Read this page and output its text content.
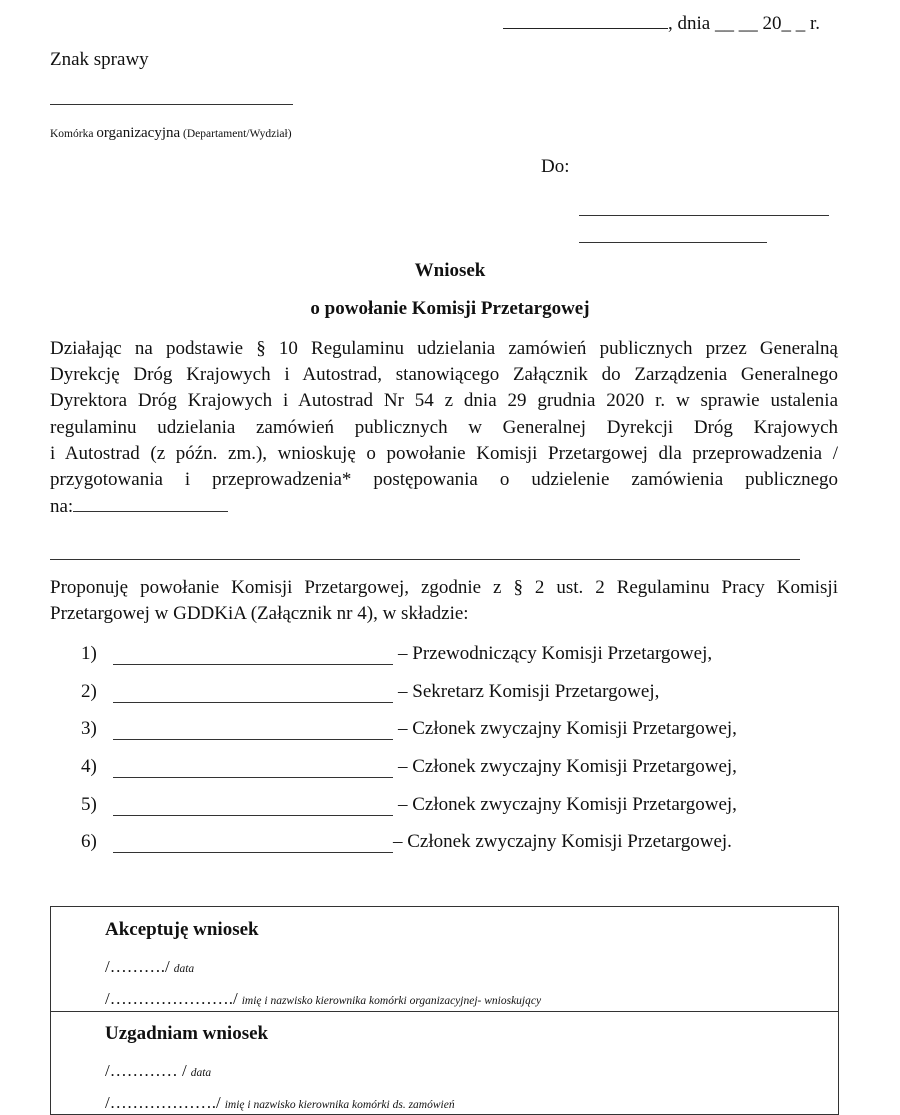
, dnia __ __ 20_ _ r.
Znak sprawy
Komórka organizacyjna (Departament/Wydział)
Do:
Wniosek
o powołanie Komisji Przetargowej
Działając na podstawie § 10 Regulaminu udzielania zamówień publicznych przez Generalną
Dyrekcję Dróg Krajowych i Autostrad, stanowiącego Załącznik do Zarządzenia Generalnego
Dyrektora Dróg Krajowych i Autostrad Nr 54 z dnia 29 grudnia 2020 r. w sprawie ustalenia
regulaminu udzielania zamówień publicznych w Generalnej Dyrekcji Dróg Krajowych
i Autostrad (z późn. zm.), wnioskuję o powołanie Komisji Przetargowej dla przeprowadzenia /
przygotowania i przeprowadzenia* postępowania o udzielenie zamówienia publicznego
na:
Proponuję powołanie Komisji Przetargowej, zgodnie z § 2 ust. 2 Regulaminu Pracy Komisji
Przetargowej w GDDKiA (Załącznik nr 4), w składzie:
1)	– Przewodniczący Komisji Przetargowej,
2)	– Sekretarz Komisji Przetargowej,
3)	– Członek zwyczajny Komisji Przetargowej,
4)	– Członek zwyczajny Komisji Przetargowej,
5)	– Członek zwyczajny Komisji Przetargowej,
6)	– Członek zwyczajny Komisji Przetargowej.
Akceptuję wniosek
/………./ data
/…………………./ imię i nazwisko kierownika komórki organizacyjnej- wnioskujący
Uzgadniam wniosek
/………… / data
/………………./ imię i nazwisko kierownika komórki ds. zamówień
